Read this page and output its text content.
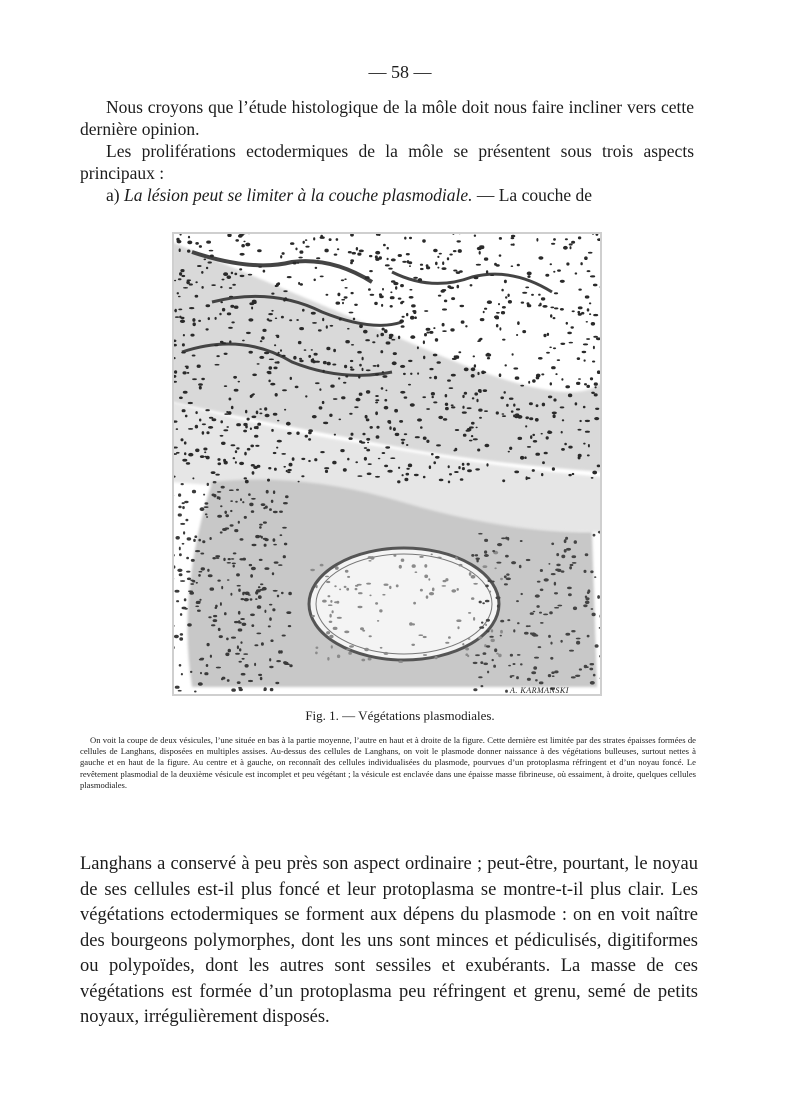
— 58 —

Nous croyons que l’étude histologique de la môle doit nous faire incliner vers cette dernière opinion.

Les proliférations ectodermiques de la môle se présentent sous trois aspects principaux :

a) La lésion peut se limiter à la couche plasmodiale. — La couche de

A. KARMANSKI
Fig. 1. — Végétations plasmodiales.

On voit la coupe de deux vésicules, l’une située en bas à la partie moyenne, l’autre en haut et à droite de la figure. Cette dernière est limitée par des strates épaisses formées de cellules de Langhans, disposées en multiples assises. Au-dessus des cellules de Langhans, on voit le plasmode donner naissance à des végétations bulleuses, surtout nettes à gauche et en haut de la figure. Au centre et à gauche, on reconnaît des cellules individualisées du plasmode, pourvues d’un protoplasma réfringent et d’un noyau foncé. Le revêtement plasmodial de la deuxième vésicule est incomplet et peu végétant ; la vésicule est enclavée dans une épaisse masse fibrineuse, où essaiment, à droite, quelques cellules plasmodiales.

Langhans a conservé à peu près son aspect ordinaire ; peut-être, pourtant, le noyau de ses cellules est-il plus foncé et leur protoplasma se montre-t-il plus clair. Les végétations ectodermiques se forment aux dépens du plasmode : on en voit naître des bourgeons polymorphes, dont les uns sont minces et pédiculisés, digitiformes ou polypoïdes, dont les autres sont sessiles et exubérants. La masse de ces végétations est formée d’un protoplasma peu réfringent et grenu, semé de petits noyaux, irrégulièrement disposés.
